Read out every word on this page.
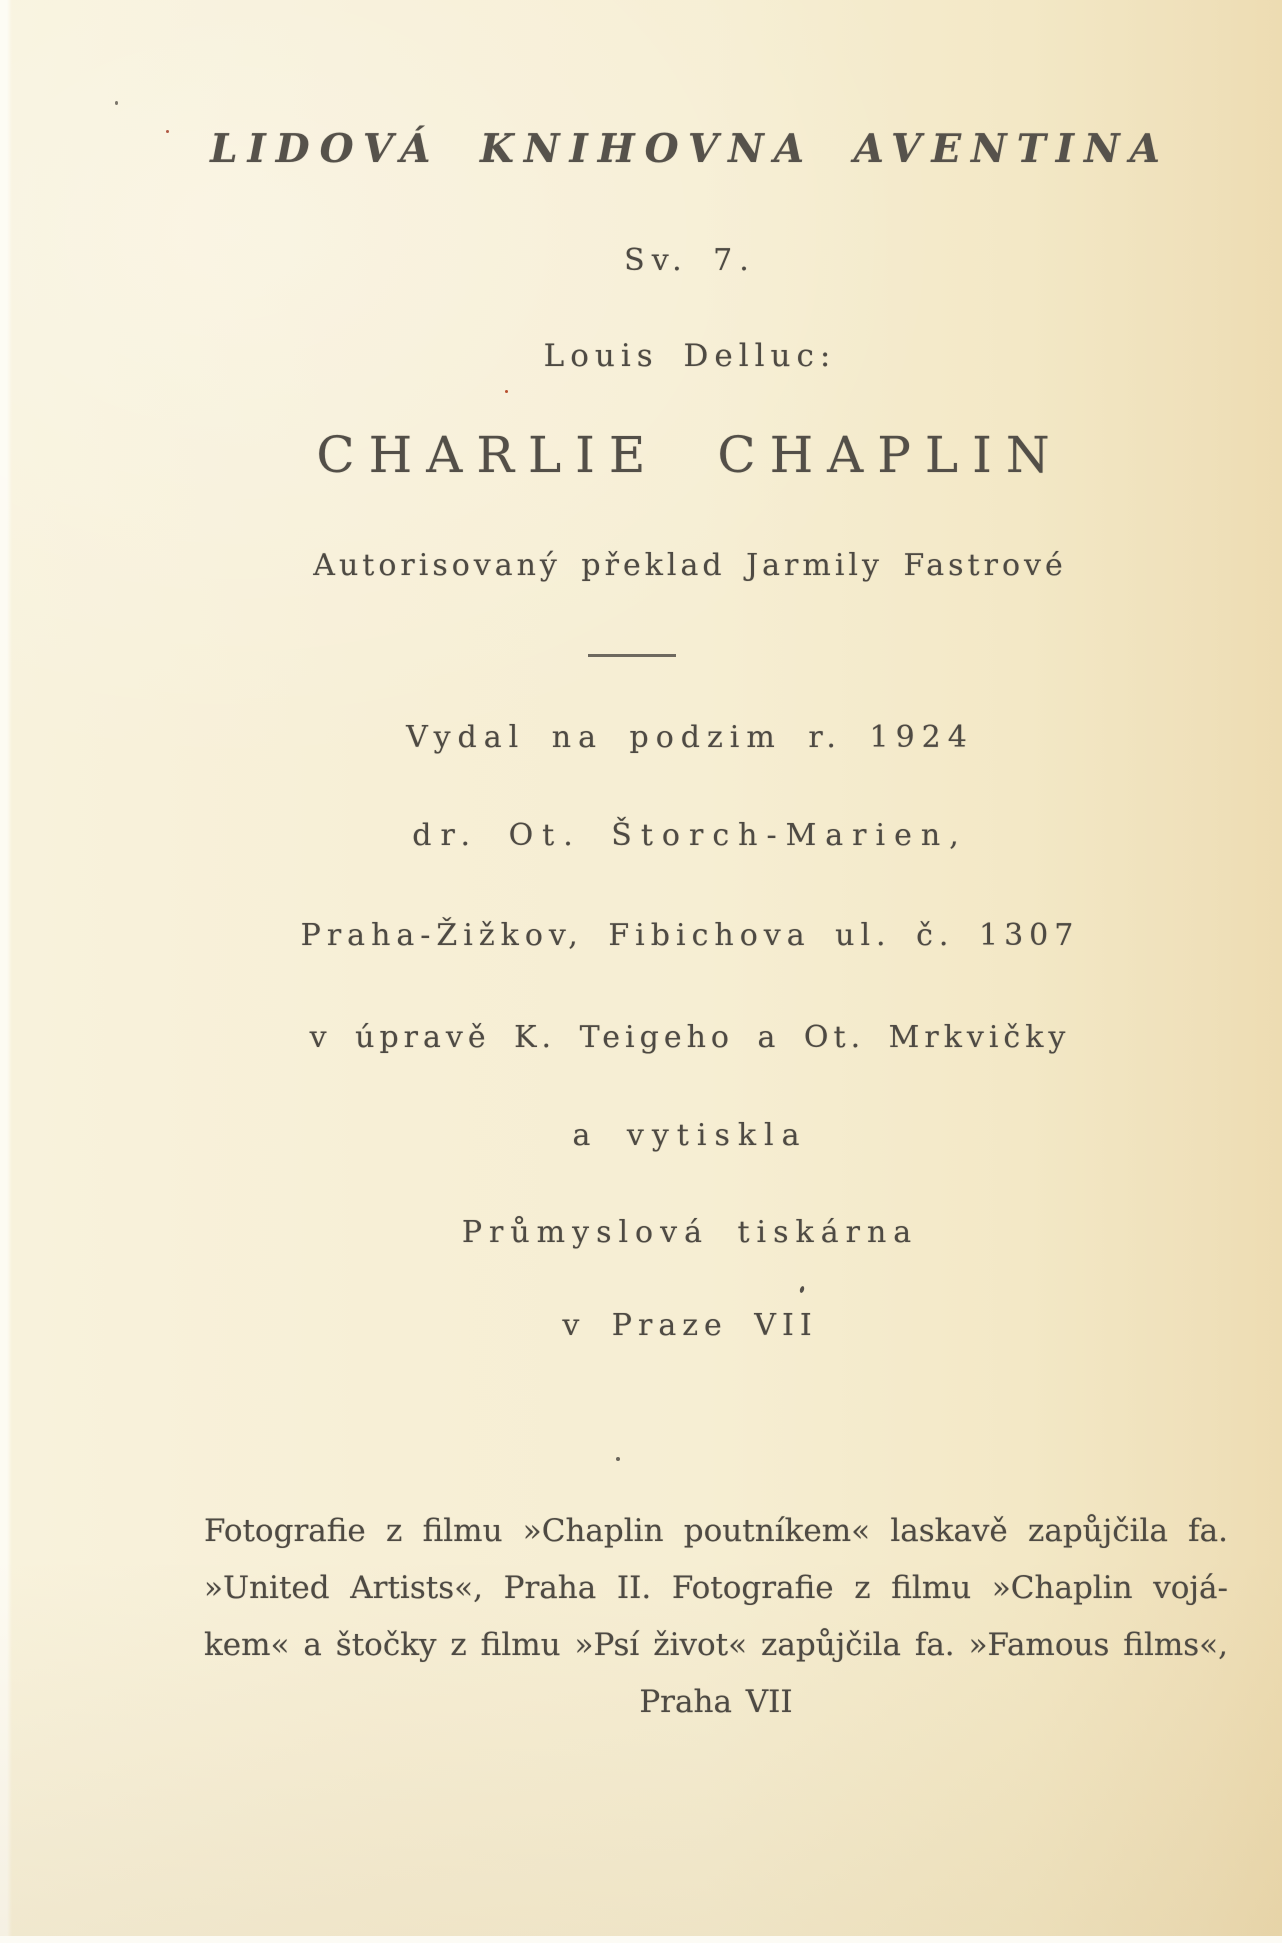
LIDOVÁ KNIHOVNA AVENTINA
Sv. 7.
Louis Delluc:
CHARLIE CHAPLIN
Autorisovaný překlad Jarmily Fastrové
Vydal na podzim r. 1924
dr. Ot. Štorch-Marien,
Praha-Žižkov, Fibichova ul. č. 1307
v úpravě K. Teigeho a Ot. Mrkvičky
a vytiskla
Průmyslová tiskárna
v Praze VII
Fotografie z filmu »Chaplin poutníkem« laskavě zapůjčila fa.
»United Artists«, Praha II. Fotografie z filmu »Chaplin vojá-
kem« a štočky z filmu »Psí život« zapůjčila fa. »Famous films«,
Praha VII
